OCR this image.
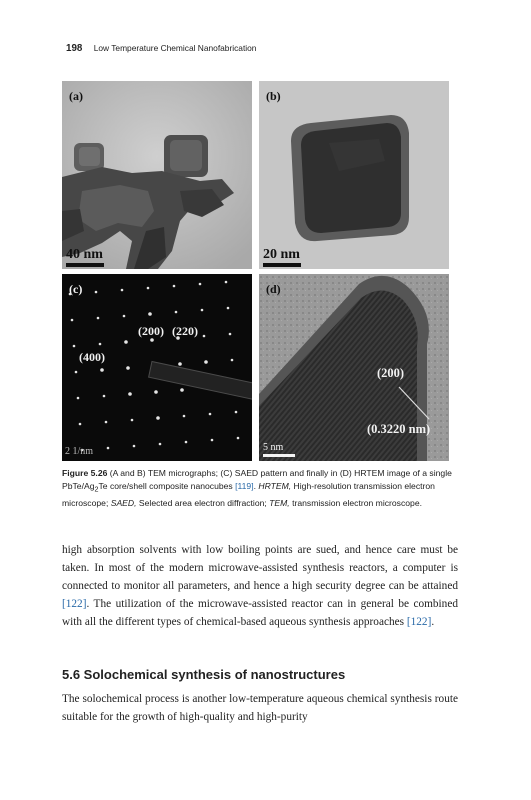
198 Low Temperature Chemical Nanofabrication
(a)
40 nm
(b)
20 nm
(c)
(200) (220)
(400)
2 1/nm
(d)
(200)
(0.3220 nm)
5 nm
Figure 5.26 (A and B) TEM micrographs; (C) SAED pattern and finally in (D) HRTEM image of a single PbTe/$Ag_2Te$ core/shell composite nanocubes [119]. HRTEM, High-resolution transmission electron microscope; SAED, Selected area electron diffraction; TEM, transmission electron microscope.
high absorption solvents with low boiling points are sued, and hence care must be taken. In most of the modern microwave-assisted synthesis reactors, a computer is connected to monitor all parameters, and hence a high security degree can be attained [122]. The utilization of the microwave-assisted reactor can in general be combined with all the different types of chemical-based aqueous synthesis approaches [122].
5.6 Solochemical synthesis of nanostructures
The solochemical process is another low-temperature aqueous chemical synthesis route suitable for the growth of high-quality and high-purity
